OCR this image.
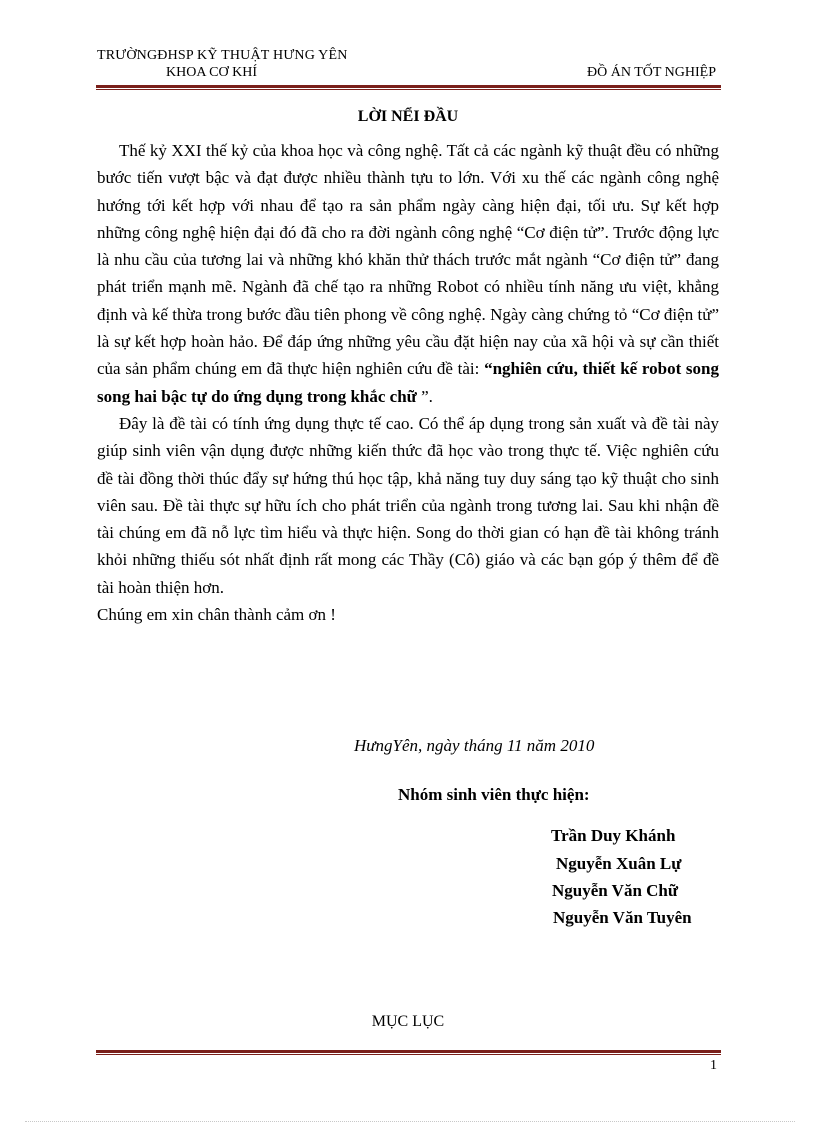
TRƯỜNGĐHSP KỸ THUẬT HƯNG YÊN
KHOA CƠ KHÍ	ĐỒ ÁN TỐT NGHIỆP
LỜI NỂI ĐẦU

Thế kỷ XXI thế kỷ của khoa học và công nghệ. Tất cả các ngành kỹ thuật đều có những bước tiến vượt bậc và đạt được nhiều thành tựu to lớn. Với xu thế các ngành công nghệ hướng tới kết hợp với nhau để tạo ra sản phẩm ngày càng hiện đại, tối ưu. Sự kết hợp những công nghệ hiện đại đó đã cho ra đời ngành công nghệ “Cơ điện tử”. Trước động lực là nhu cầu của tương lai và những khó khăn thử thách trước mắt ngành “Cơ điện tử” đang phát triển mạnh mẽ. Ngành đã chế tạo ra những Robot có nhiều tính năng ưu việt, khẳng định và kế thừa trong bước đầu tiên phong về công nghệ. Ngày càng chứng tỏ “Cơ điện tử” là sự kết hợp hoàn hảo. Để đáp ứng những yêu cầu đặt hiện nay của xã hội và sự cần thiết của sản phẩm chúng em đã thực hiện nghiên cứu đề tài: “nghiên cứu, thiết kế robot song song hai bậc tự do ứng dụng trong khắc chữ ”.

Đây là đề tài có tính ứng dụng thực tế cao. Có thể áp dụng trong sản xuất và đề tài này giúp sinh viên vận dụng được những kiến thức đã học vào trong thực tế. Việc nghiên cứu đề tài đồng thời thúc đẩy sự hứng thú học tập, khả năng tuy duy sáng tạo kỹ thuật cho sinh viên sau. Đề tài thực sự hữu ích cho phát triển của ngành trong tương lai. Sau khi nhận đề tài chúng em đã nỗ lực tìm hiểu và thực hiện. Song do thời gian có hạn đề tài không tránh khỏi những thiếu sót nhất định rất mong các Thầy (Cô) giáo và các bạn góp ý thêm để đề tài hoàn thiện hơn.

Chúng em xin chân thành cảm ơn !

HưngYên, ngày tháng 11 năm 2010
Nhóm sinh viên thực hiện:
Trần Duy Khánh
Nguyễn Xuân Lự
Nguyễn Văn Chữ
Nguyễn Văn Tuyên
MỤC LỤC
1
